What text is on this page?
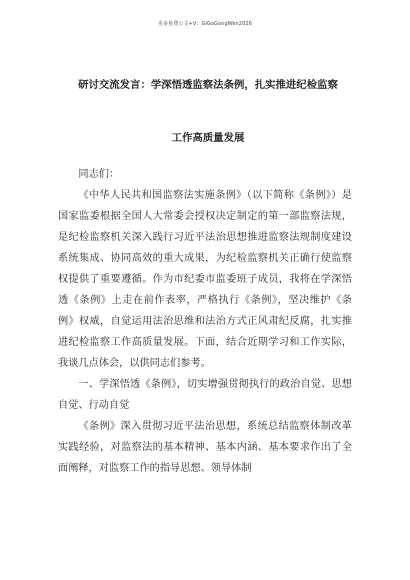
更多免费公文+V：GiGoGongWen2026
研讨交流发言：学深悟透监察法条例，扎实推进纪检监察
工作高质量发展

同志们：

《中华人民共和国监察法实施条例》（以下简称《条例》）是国家监委根据全国人大常委会授权决定制定的第一部监察法规，是纪检监察机关深入践行习近平法治思想推进监察法规制度建设系统集成、协同高效的重大成果，为纪检监察机关正确行使监察权提供了重要遵循。作为市纪委市监委班子成员，我将在学深悟透《条例》上走在前作表率，严格执行《条例》，坚决维护《条例》权威，自觉运用法治思维和法治方式正风肃纪反腐，扎实推进纪检监察工作高质量发展。下面，结合近期学习和工作实际，我谈几点体会，以供同志们参考。

一、学深悟透《条例》，切实增强贯彻执行的政治自觉、思想自觉、行动自觉

《条例》深入贯彻习近平法治思想，系统总结监察体制改革实践经验，对监察法的基本精神、基本内涵、基本要求作出了全面阐释，对监察工作的指导思想、领导体制
